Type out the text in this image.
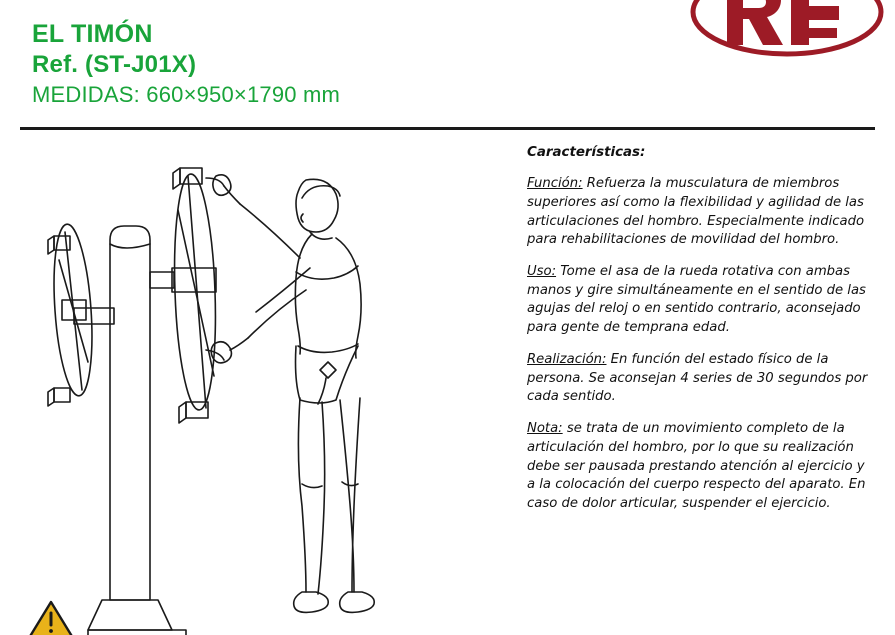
EL TIMÓN
Ref. (ST-J01X)
MEDIDAS: 660×950×1790 mm
Características:

Función: Refuerza la musculatura de miembros superiores así como la flexibilidad y agilidad de las articulaciones del hombro. Especialmente indicado para rehabilitaciones de movilidad del hombro.

Uso: Tome el asa de la rueda rotativa con ambas manos y gire simultáneamente en el sentido de las agujas del reloj o en sentido contrario, aconsejado para gente de temprana edad.

Realización: En función del estado físico de la persona. Se aconsejan 4 series de 30 segundos por cada sentido.

Nota: se trata de un movimiento completo de la articulación del hombro, por lo que su realización debe ser pausada prestando atención al ejercicio y a la colocación del cuerpo respecto del aparato. En caso de dolor articular, suspender el ejercicio.
